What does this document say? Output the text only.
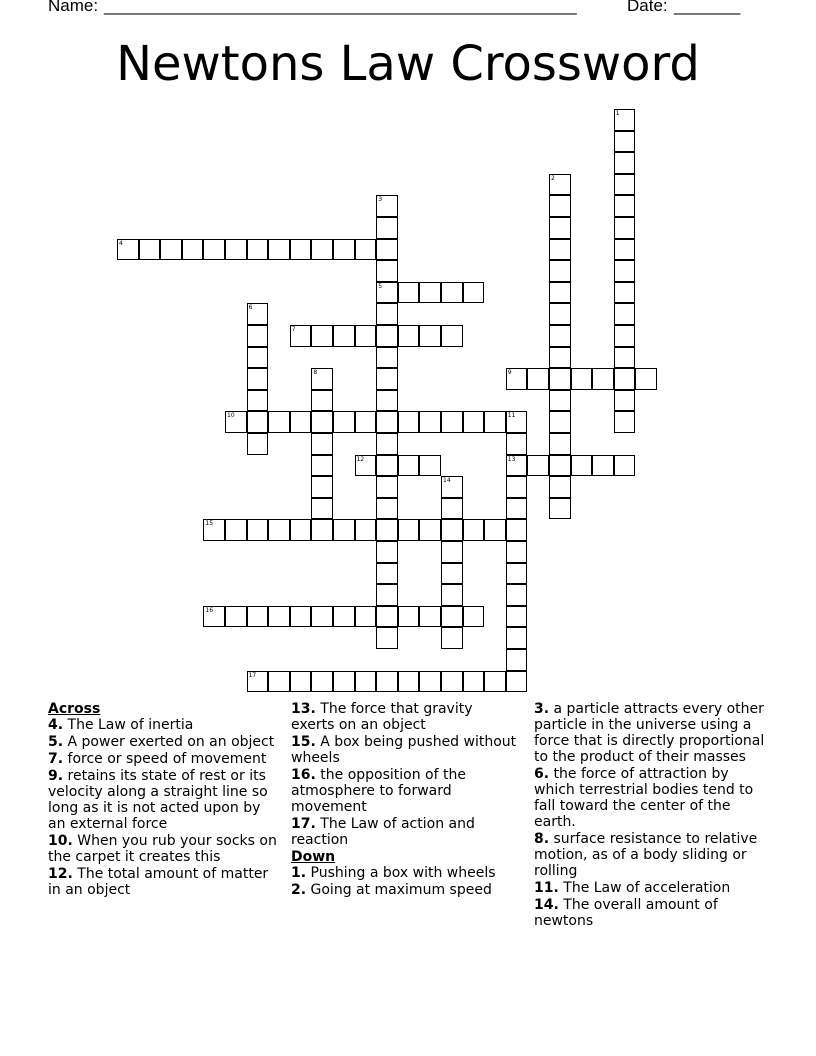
Name: __________________________________________________	Date: _______
Newtons Law Crossword
1
2
3
5
4
6
7
8	9
10	11
13
12
14
15
16
17

Across

4. The Law of inertia

5. A power exerted on an object

7. force or speed of movement

9. retains its state of rest or its velocity along a straight line so long as it is not acted upon by an external force

10. When you rub your socks on the carpet it creates this

12. The total amount of matter in an object

13. The force that gravity exerts on an object

15. A box being pushed without wheels

16. the opposition of the atmosphere to forward movement

17. The Law of action and reaction

Down

1. Pushing a box with wheels

2. Going at maximum speed

3. a particle attracts every other particle in the universe using a force that is directly proportional to the product of their masses

6. the force of attraction by which terrestrial bodies tend to fall toward the center of the earth.

8. surface resistance to relative motion, as of a body sliding or rolling

11. The Law of acceleration

14. The overall amount of newtons
